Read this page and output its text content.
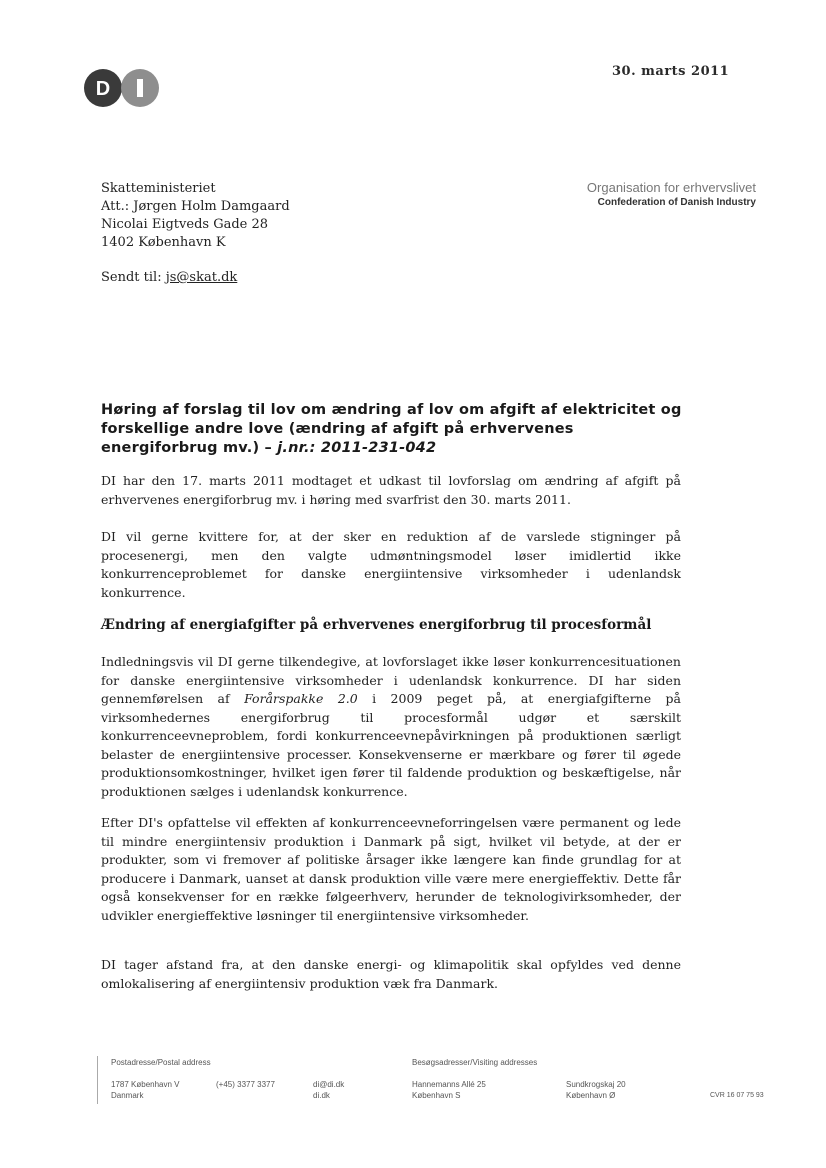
D
30. marts 2011
Skatteministeriet
Att.: Jørgen Holm Damgaard
Nicolai Eigtveds Gade 28
1402 København K
Sendt til: js@skat.dk
Organisation for erhvervslivet
Confederation of Danish Industry
Høring af forslag til lov om ændring af lov om afgift af elektricitet og forskellige andre love (ændring af afgift på erhvervenes energiforbrug mv.) – j.nr.: 2011-231-042
DI har den 17. marts 2011 modtaget et udkast til lovforslag om ændring af afgift på erhvervenes energiforbrug mv. i høring med svarfrist den 30. marts 2011.
DI vil gerne kvittere for, at der sker en reduktion af de varslede stigninger på procesenergi, men den valgte udmøntningsmodel løser imidlertid ikke konkurrenceproblemet for danske energiintensive virksomheder i udenlandsk konkurrence.
Ændring af energiafgifter på erhvervenes energiforbrug til procesformål
Indledningsvis vil DI gerne tilkendegive, at lovforslaget ikke løser konkurrencesituationen for danske energiintensive virksomheder i udenlandsk konkurrence. DI har siden gennemførelsen af Forårspakke 2.0 i 2009 peget på, at energiafgifterne på virksomhedernes energiforbrug til procesformål udgør et særskilt konkurrenceevneproblem, fordi konkurrenceevnepåvirkningen på produktionen særligt belaster de energiintensive processer. Konsekvenserne er mærkbare og fører til øgede produktionsomkostninger, hvilket igen fører til faldende produktion og beskæftigelse, når produktionen sælges i udenlandsk konkurrence.
Efter DI's opfattelse vil effekten af konkurrenceevneforringelsen være permanent og lede til mindre energiintensiv produktion i Danmark på sigt, hvilket vil betyde, at der er produkter, som vi fremover af politiske årsager ikke længere kan finde grundlag for at producere i Danmark, uanset at dansk produktion ville være mere energieffektiv. Dette får også konsekvenser for en række følgeerhverv, herunder de teknologivirksomheder, der udvikler energieffektive løsninger til energiintensive virksomheder.
DI tager afstand fra, at den danske energi- og klimapolitik skal opfyldes ved denne omlokalisering af energiintensiv produktion væk fra Danmark.
Postadresse/Postal address
1787 København V
Danmark
(+45) 3377 3377	di@di.dk
di.dk
Besøgsadresser/Visiting addresses
Hannemanns Allé 25
København S
Sundkrogskaj 20
København Ø	CVR 16 07 75 93
